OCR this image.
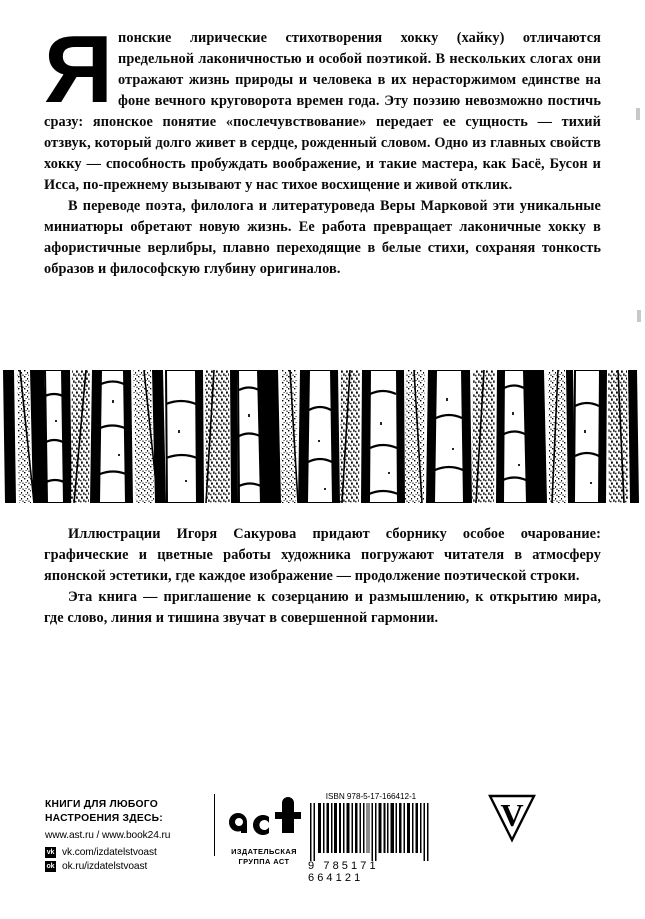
Японские лирические стихотворения хокку (хайку) отличаются предельной лаконичностью и особой поэтикой. В нескольких слогах они отражают жизнь природы и человека в их нерасторжимом единстве на фоне вечного круговорота времен года. Эту поэзию невозможно постичь сразу: японское понятие «послечувствование» передает ее сущность — тихий отзвук, который долго живет в сердце, рожденный словом. Одно из главных свойств хокку — способность пробуждать воображение, и такие мастера, как Басё, Бусон и Исса, по-прежнему вызывают у нас тихое восхищение и живой отклик.

В переводе поэта, филолога и литературоведа Веры Марковой эти уникальные миниатюры обретают новую жизнь. Ее работа превращает лаконичные хокку в афористичные верлибры, плавно переходящие в белые стихи, сохраняя тонкость образов и философскую глубину оригиналов.

Иллюстрации Игоря Сакурова придают сборнику особое очарование: графические и цветные работы художника погружают читателя в атмосферу японской эстетики, где каждое изображение — продолжение поэтической строки.

Эта книга — приглашение к созерцанию и размышлению, к открытию мира, где слово, линия и тишина звучат в совершенной гармонии.

КНИГИ ДЛЯ ЛЮБОГО
НАСТРОЕНИЯ ЗДЕСЬ:
www.ast.ru / www.book24.ru
vk vk.com/izdatelstvoast
ok ok.ru/izdatelstvoast
ИЗДАТЕЛЬСКАЯ
ГРУППА АСТ
ISBN 978-5-17-166412-1
9 785171 664121
V
